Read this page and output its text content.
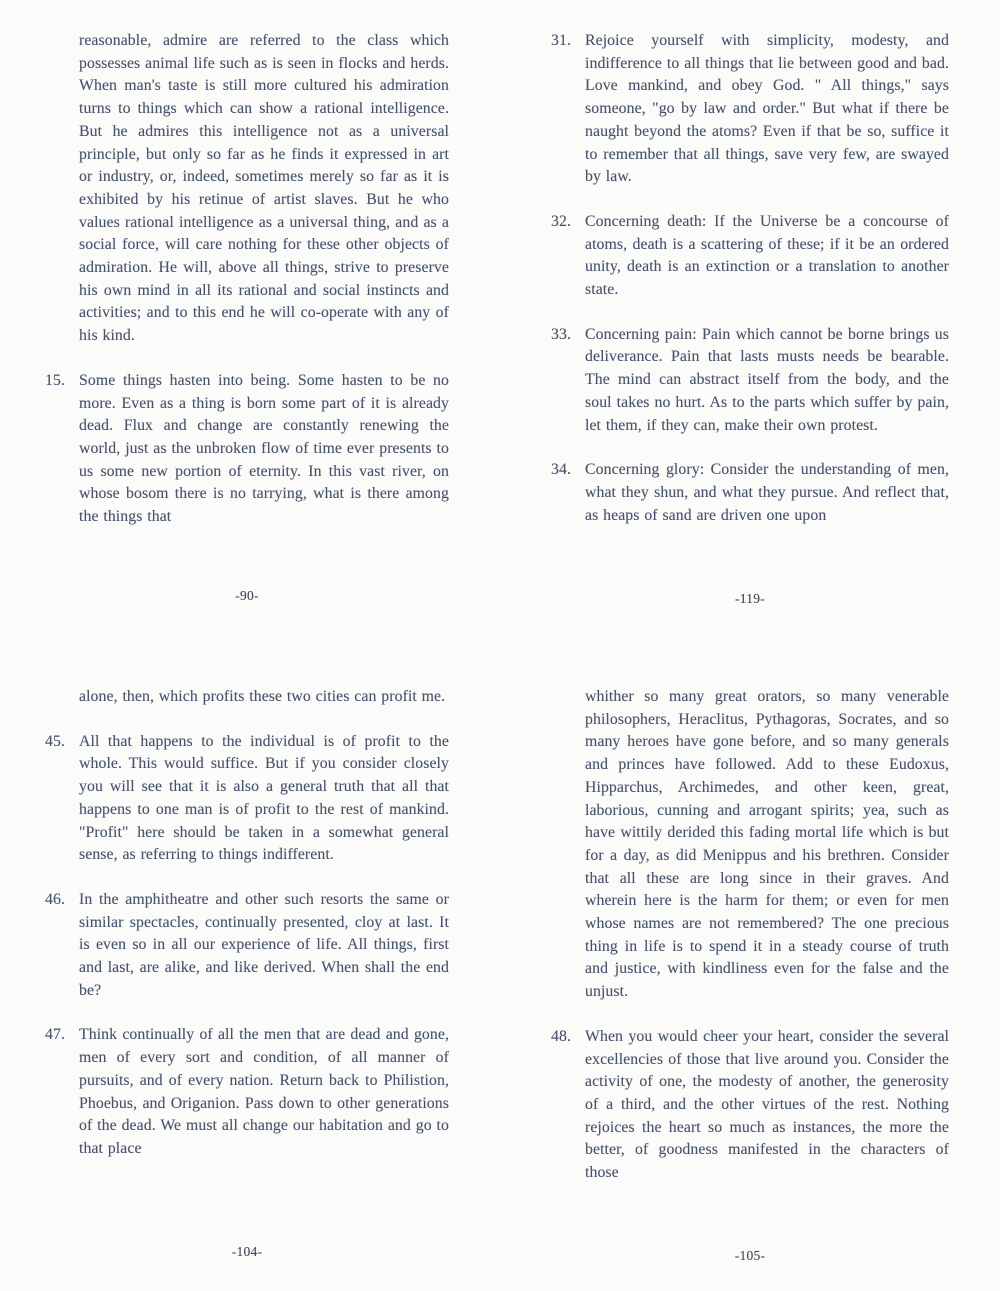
reasonable, admire are referred to the class which possesses animal life such as is seen in flocks and herds. When man's taste is still more cultured his admiration turns to things which can show a rational intelligence. But he admires this intelligence not as a universal principle, but only so far as he finds it expressed in art or industry, or, indeed, sometimes merely so far as it is exhibited by his retinue of artist slaves. But he who values rational intelligence as a universal thing, and as a social force, will care nothing for these other objects of admiration. He will, above all things, strive to preserve his own mind in all its rational and social instincts and activities; and to this end he will co-operate with any of his kind.
15. Some things hasten into being. Some hasten to be no more. Even as a thing is born some part of it is already dead. Flux and change are constantly renewing the world, just as the unbroken flow of time ever presents to us some new portion of eternity. In this vast river, on whose bosom there is no tarrying, what is there among the things that
-90-
31. Rejoice yourself with simplicity, modesty, and indifference to all things that lie between good and bad. Love mankind, and obey God. " All things," says someone, "go by law and order." But what if there be naught beyond the atoms? Even if that be so, suffice it to remember that all things, save very few, are swayed by law.
32. Concerning death: If the Universe be a concourse of atoms, death is a scattering of these; if it be an ordered unity, death is an extinction or a translation to another state.
33. Concerning pain: Pain which cannot be borne brings us deliverance. Pain that lasts musts needs be bearable. The mind can abstract itself from the body, and the soul takes no hurt. As to the parts which suffer by pain, let them, if they can, make their own protest.
34. Concerning glory: Consider the understanding of men, what they shun, and what they pursue. And reflect that, as heaps of sand are driven one upon
-119-
alone, then, which profits these two cities can profit me.
45. All that happens to the individual is of profit to the whole. This would suffice. But if you consider closely you will see that it is also a general truth that all that happens to one man is of profit to the rest of mankind. "Profit" here should be taken in a somewhat general sense, as referring to things indifferent.
46. In the amphitheatre and other such resorts the same or similar spectacles, continually presented, cloy at last. It is even so in all our experience of life. All things, first and last, are alike, and like derived. When shall the end be?
47. Think continually of all the men that are dead and gone, men of every sort and condition, of all manner of pursuits, and of every nation. Return back to Philistion, Phoebus, and Origanion. Pass down to other generations of the dead. We must all change our habitation and go to that place
-104-
whither so many great orators, so many venerable philosophers, Heraclitus, Pythagoras, Socrates, and so many heroes have gone before, and so many generals and princes have followed. Add to these Eudoxus, Hipparchus, Archimedes, and other keen, great, laborious, cunning and arrogant spirits; yea, such as have wittily derided this fading mortal life which is but for a day, as did Menippus and his brethren. Consider that all these are long since in their graves. And wherein here is the harm for them; or even for men whose names are not remembered? The one precious thing in life is to spend it in a steady course of truth and justice, with kindliness even for the false and the unjust.
48. When you would cheer your heart, consider the several excellencies of those that live around you. Consider the activity of one, the modesty of another, the generosity of a third, and the other virtues of the rest. Nothing rejoices the heart so much as instances, the more the better, of goodness manifested in the characters of those
-105-
